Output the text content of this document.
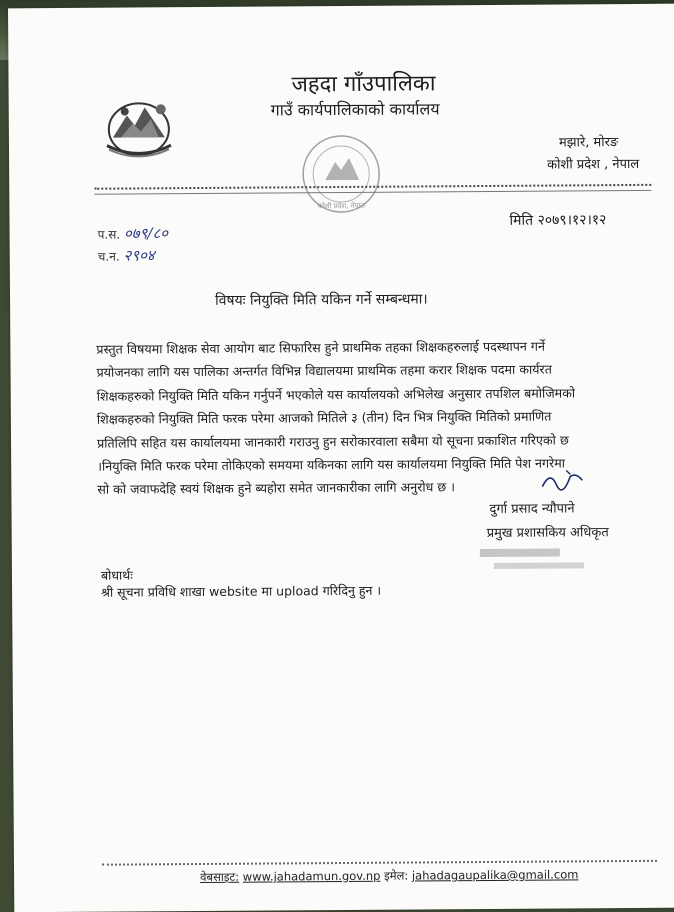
जहदा गाँउपालिका
गाउँ कार्यपालिकाको कार्यालय
मझारे, मोरङ
कोशी प्रदेश , नेपाल
कोशी प्रदेश, नेपाल
प.स. ०७९/८०
च.न. २९०४
मिति २०७९।१२।१२
विषयः नियुक्ति मिति यकिन गर्ने सम्बन्धमा।
प्रस्तुत विषयमा शिक्षक सेवा आयोग बाट सिफारिस हुने प्राथमिक तहका शिक्षकहरुलाई पदस्थापन गर्ने
प्रयोजनका लागि यस पालिका अन्तर्गत विभिन्न विद्यालयमा प्राथमिक तहमा करार शिक्षक पदमा कार्यरत
शिक्षकहरुको नियुक्ति मिति यकिन गर्नुपर्ने भएकोले यस कार्यालयको अभिलेख अनुसार तपशिल बमोजिमको
शिक्षकहरुको नियुक्ति मिति फरक परेमा आजको मितिले ३ (तीन) दिन भित्र नियुक्ति मितिको प्रमाणित
प्रतिलिपि सहित यस कार्यालयमा जानकारी गराउनु हुन सरोकारवाला सबैमा यो सूचना प्रकाशित गरिएको छ
।नियुक्ति मिति फरक परेमा तोकिएको समयमा यकिनका लागि यस कार्यालयमा नियुक्ति मिति पेश नगरेमा
सो को जवाफदेहि स्वयं शिक्षक हुने ब्यहोरा समेत जानकारीका लागि अनुरोध छ ।
दुर्गा प्रसाद न्यौपाने
प्रमुख प्रशासकिय अधिकृत
बोधार्थः
श्री सूचना प्रविधि शाखा website मा upload गरिदिनु हुन ।
वेबसाइट: www.jahadamun.gov.np इमेल: jahadagaupalika@gmail.com
